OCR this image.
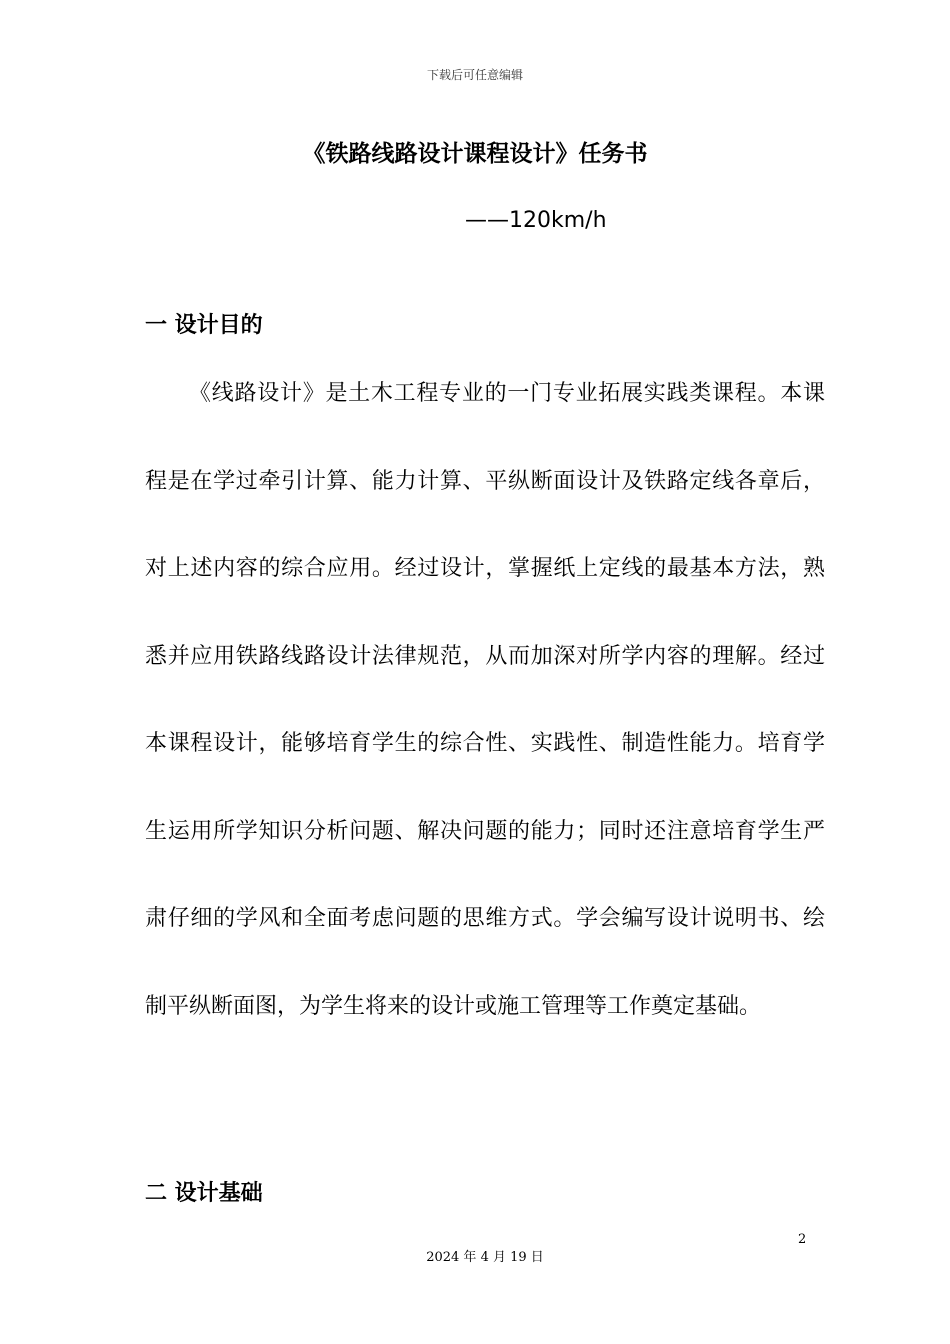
下载后可任意编辑
《铁路线路设计课程设计》任务书
——120km/h
一 设计目的

《线路设计》是土木工程专业的一门专业拓展实践类课程。本课程是在学过牵引计算、能力计算、平纵断面设计及铁路定线各章后，对上述内容的综合应用。经过设计，掌握纸上定线的最基本方法，熟悉并应用铁路线路设计法律规范，从而加深对所学内容的理解。经过本课程设计，能够培育学生的综合性、实践性、制造性能力。培育学生运用所学知识分析问题、解决问题的能力；同时还注意培育学生严肃仔细的学风和全面考虑问题的思维方式。学会编写设计说明书、绘制平纵断面图，为学生将来的设计或施工管理等工作奠定基础。

二 设计基础
2
2024 年 4 月 19 日
